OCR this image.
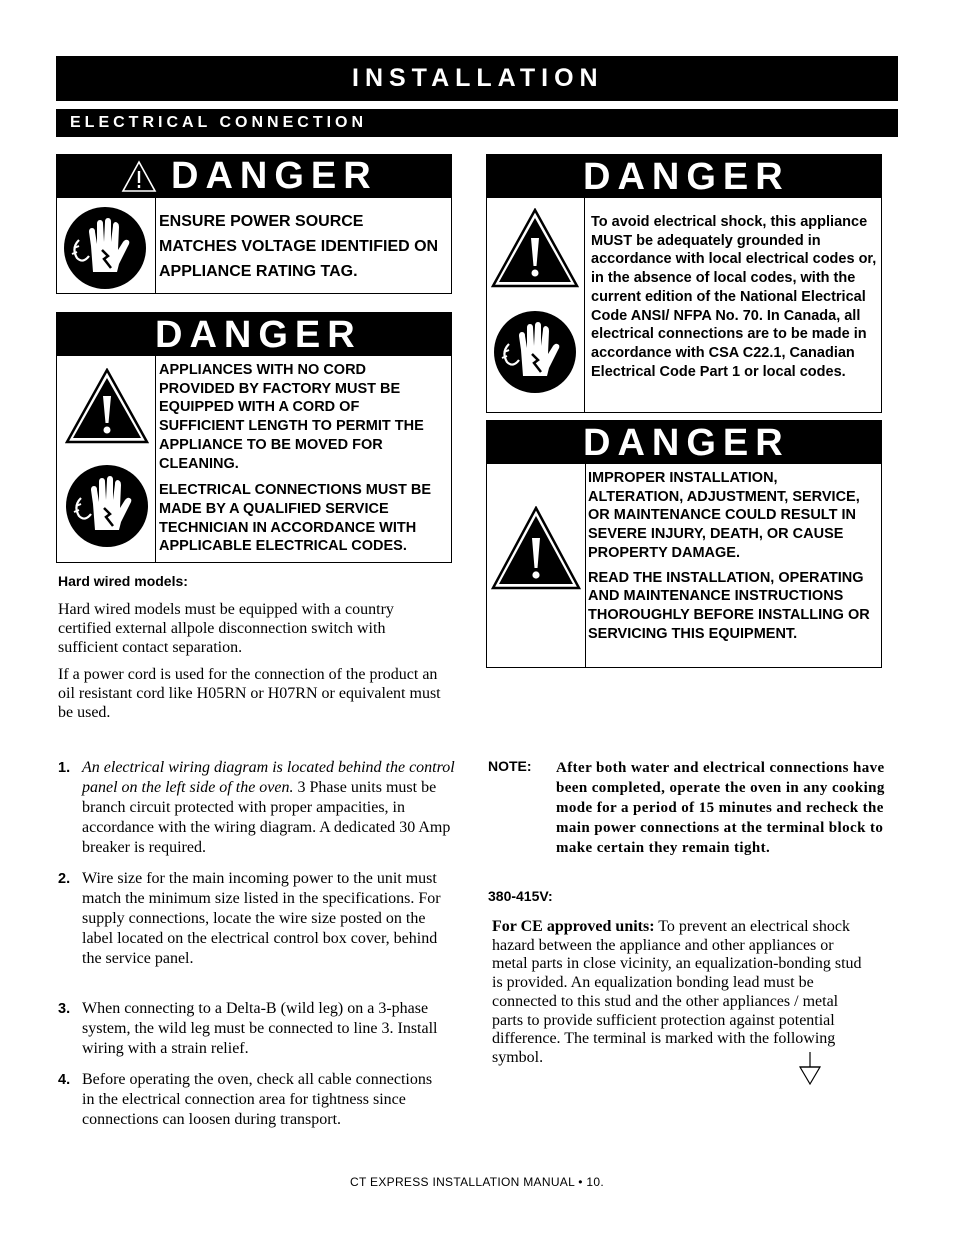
INSTALLATION
ELECTRICAL CONNECTION
DANGER

ENSURE POWER SOURCE MATCHES VOLTAGE IDENTIFIED ON APPLIANCE RATING TAG.

DANGER

APPLIANCES WITH NO CORD PROVIDED BY FACTORY MUST BE EQUIPPED WITH A CORD OF SUFFICIENT LENGTH TO PERMIT THE APPLIANCE TO BE MOVED FOR CLEANING.

ELECTRICAL CONNECTIONS MUST BE MADE BY A QUALIFIED SERVICE TECHNICIAN IN ACCORDANCE WITH APPLICABLE ELECTRICAL CODES.

DANGER

To avoid electrical shock, this appliance MUST be adequately grounded in accordance with local electrical codes or, in the absence of local codes, with the current edition of the National Electrical Code ANSI/ NFPA No. 70. In Canada, all electrical connections are to be made in accordance with CSA C22.1, Canadian Electrical Code Part 1 or local codes.

DANGER

IMPROPER INSTALLATION, ALTERATION, ADJUSTMENT, SERVICE, OR MAINTENANCE COULD RESULT IN SEVERE INJURY, DEATH, OR CAUSE PROPERTY DAMAGE.

READ THE INSTALLATION, OPERATING AND MAINTENANCE INSTRUCTIONS THOROUGHLY BEFORE INSTALLING OR SERVICING THIS EQUIPMENT.

Hard wired models:

Hard wired models must be equipped with a country certified external allpole disconnection switch with sufficient contact separation.

If a power cord is used for the connection of the product an oil resistant cord like H05RN or H07RN or equivalent must be used.

1. An electrical wiring diagram is located behind the control panel on the left side of the oven. 3 Phase units must be branch circuit protected with proper ampacities, in accordance with the wiring diagram. A dedicated 30 Amp breaker is required.
2. Wire size for the main incoming power to the unit must match the minimum size listed in the specifications. For supply connections, locate the wire size posted on the label located on the electrical control box cover, behind the service panel.
3. When connecting to a Delta-B (wild leg) on a 3-phase system, the wild leg must be connected to line 3. Install wiring with a strain relief.
4. Before operating the oven, check all cable connections in the electrical connection area for tightness since connections can loosen during transport.
NOTE: After both water and electrical connections have been completed, operate the oven in any cooking mode for a period of 15 minutes and recheck the main power connections at the terminal block to make certain they remain tight.
380-415V:
For CE approved units: To prevent an electrical shock hazard between the appliance and other appliances or metal parts in close vicinity, an equalization-bonding stud is provided. An equalization bonding lead must be connected to this stud and the other appliances / metal parts to provide sufficient protection against potential difference. The terminal is marked with the following symbol.
CT EXPRESS INSTALLATION MANUAL • 10.
